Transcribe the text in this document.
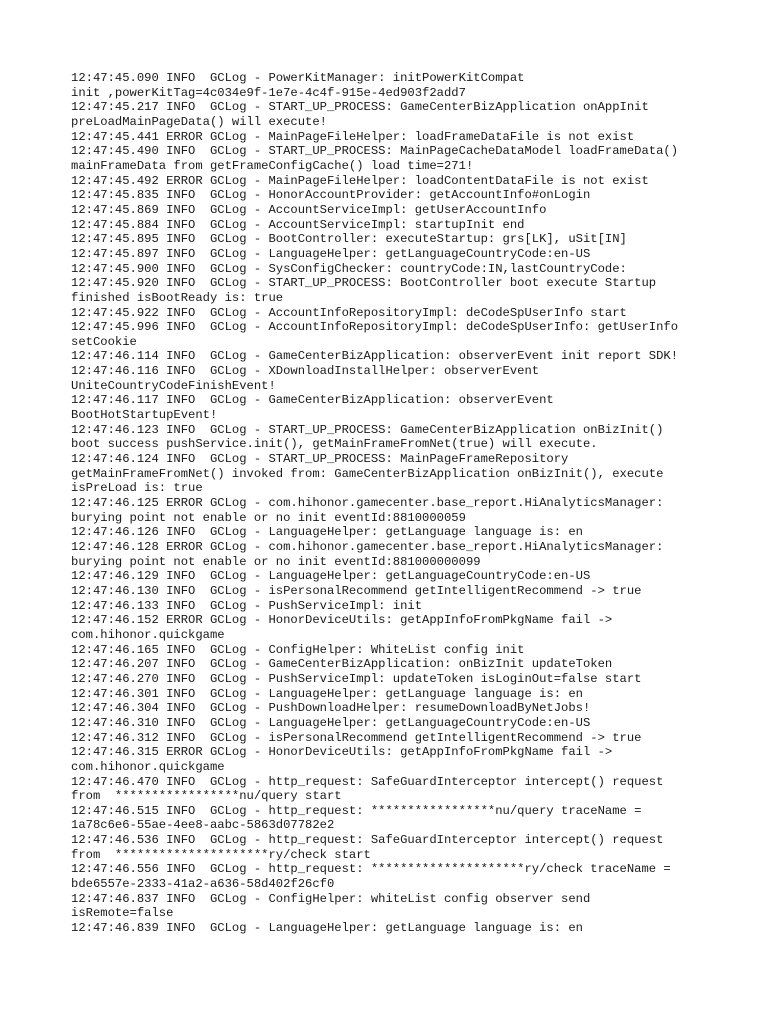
12:47:45.090 INFO  GCLog - PowerKitManager: initPowerKitCompat
init ,powerKitTag=4c034e9f-1e7e-4c4f-915e-4ed903f2add7
12:47:45.217 INFO  GCLog - START_UP_PROCESS: GameCenterBizApplication onAppInit
preLoadMainPageData() will execute!
12:47:45.441 ERROR GCLog - MainPageFileHelper: loadFrameDataFile is not exist
12:47:45.490 INFO  GCLog - START_UP_PROCESS: MainPageCacheDataModel loadFrameData()
mainFrameData from getFrameConfigCache() load time=271!
12:47:45.492 ERROR GCLog - MainPageFileHelper: loadContentDataFile is not exist
12:47:45.835 INFO  GCLog - HonorAccountProvider: getAccountInfo#onLogin
12:47:45.869 INFO  GCLog - AccountServiceImpl: getUserAccountInfo
12:47:45.884 INFO  GCLog - AccountServiceImpl: startupInit end
12:47:45.895 INFO  GCLog - BootController: executeStartup: grs[LK], uSit[IN]
12:47:45.897 INFO  GCLog - LanguageHelper: getLanguageCountryCode:en-US
12:47:45.900 INFO  GCLog - SysConfigChecker: countryCode:IN,lastCountryCode:
12:47:45.920 INFO  GCLog - START_UP_PROCESS: BootController boot execute Startup
finished isBootReady is: true
12:47:45.922 INFO  GCLog - AccountInfoRepositoryImpl: deCodeSpUserInfo start
12:47:45.996 INFO  GCLog - AccountInfoRepositoryImpl: deCodeSpUserInfo: getUserInfo
setCookie
12:47:46.114 INFO  GCLog - GameCenterBizApplication: observerEvent init report SDK!
12:47:46.116 INFO  GCLog - XDownloadInstallHelper: observerEvent
UniteCountryCodeFinishEvent!
12:47:46.117 INFO  GCLog - GameCenterBizApplication: observerEvent
BootHotStartupEvent!
12:47:46.123 INFO  GCLog - START_UP_PROCESS: GameCenterBizApplication onBizInit()
boot success pushService.init(), getMainFrameFromNet(true) will execute.
12:47:46.124 INFO  GCLog - START_UP_PROCESS: MainPageFrameRepository
getMainFrameFromNet() invoked from: GameCenterBizApplication onBizInit(), execute
isPreLoad is: true
12:47:46.125 ERROR GCLog - com.hihonor.gamecenter.base_report.HiAnalyticsManager:
burying point not enable or no init eventId:8810000059
12:47:46.126 INFO  GCLog - LanguageHelper: getLanguage language is: en
12:47:46.128 ERROR GCLog - com.hihonor.gamecenter.base_report.HiAnalyticsManager:
burying point not enable or no init eventId:881000000099
12:47:46.129 INFO  GCLog - LanguageHelper: getLanguageCountryCode:en-US
12:47:46.130 INFO  GCLog - isPersonalRecommend getIntelligentRecommend -> true
12:47:46.133 INFO  GCLog - PushServiceImpl: init
12:47:46.152 ERROR GCLog - HonorDeviceUtils: getAppInfoFromPkgName fail ->
com.hihonor.quickgame
12:47:46.165 INFO  GCLog - ConfigHelper: WhiteList config init
12:47:46.207 INFO  GCLog - GameCenterBizApplication: onBizInit updateToken
12:47:46.270 INFO  GCLog - PushServiceImpl: updateToken isLoginOut=false start
12:47:46.301 INFO  GCLog - LanguageHelper: getLanguage language is: en
12:47:46.304 INFO  GCLog - PushDownloadHelper: resumeDownloadByNetJobs!
12:47:46.310 INFO  GCLog - LanguageHelper: getLanguageCountryCode:en-US
12:47:46.312 INFO  GCLog - isPersonalRecommend getIntelligentRecommend -> true
12:47:46.315 ERROR GCLog - HonorDeviceUtils: getAppInfoFromPkgName fail ->
com.hihonor.quickgame
12:47:46.470 INFO  GCLog - http_request: SafeGuardInterceptor intercept() request
from  *****************nu/query start
12:47:46.515 INFO  GCLog - http_request: *****************nu/query traceName =
1a78c6e6-55ae-4ee8-aabc-5863d07782e2
12:47:46.536 INFO  GCLog - http_request: SafeGuardInterceptor intercept() request
from  *********************ry/check start
12:47:46.556 INFO  GCLog - http_request: *********************ry/check traceName =
bde6557e-2333-41a2-a636-58d402f26cf0
12:47:46.837 INFO  GCLog - ConfigHelper: whiteList config observer send
isRemote=false
12:47:46.839 INFO  GCLog - LanguageHelper: getLanguage language is: en
